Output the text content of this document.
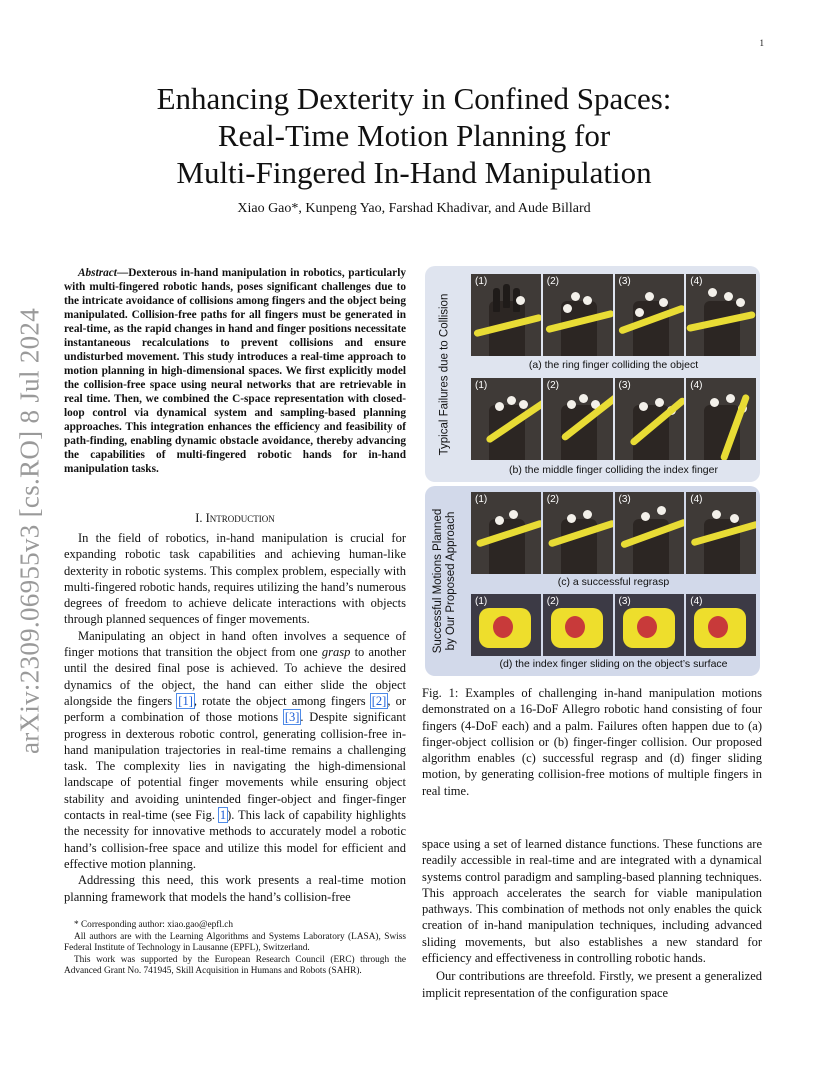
1
arXiv:2309.06955v3 [cs.RO] 8 Jul 2024
Enhancing Dexterity in Confined Spaces:
Real-Time Motion Planning for
Multi-Fingered In-Hand Manipulation
Xiao Gao*, Kunpeng Yao, Farshad Khadivar, and Aude Billard
Abstract—Dexterous in-hand manipulation in robotics, particularly with multi-fingered robotic hands, poses significant challenges due to the intricate avoidance of collisions among fingers and the object being manipulated. Collision-free paths for all fingers must be generated in real-time, as the rapid changes in hand and finger positions necessitate instantaneous recalculations to prevent collisions and ensure undisturbed movement. This study introduces a real-time approach to motion planning in high-dimensional spaces. We first explicitly model the collision-free space using neural networks that are retrievable in real time. Then, we combined the C-space representation with closed-loop control via dynamical system and sampling-based planning approaches. This integration enhances the efficiency and feasibility of path-finding, enabling dynamic obstacle avoidance, thereby advancing the capabilities of multi-fingered robotic hands for in-hand manipulation tasks.
I. Introduction

In the field of robotics, in-hand manipulation is crucial for expanding robotic task capabilities and achieving human-like dexterity in robotic systems. This complex problem, especially with multi-fingered robotic hands, requires utilizing the hand’s numerous degrees of freedom to achieve delicate interactions with objects through planned sequences of finger movements.

Manipulating an object in hand often involves a sequence of finger motions that transition the object from one grasp to another until the desired final pose is achieved. To achieve the desired dynamics of the object, the hand can either slide the object alongside the fingers [1], rotate the object among fingers [2], or perform a combination of those motions [3]. Despite significant progress in dexterous robotic control, generating collision-free in-hand manipulation trajectories in real-time remains a challenging task. The complexity lies in navigating the high-dimensional landscape of potential finger movements while ensuring object stability and avoiding unintended finger-object and finger-finger contacts in real-time (see Fig. 1). This lack of capability highlights the necessity for innovative methods to accurately model a robotic hand’s collision-free space and utilize this model for efficient and effective motion planning.

Addressing this need, this work presents a real-time motion planning framework that models the hand’s collision-free

* Corresponding author: xiao.gao@epfl.ch

All authors are with the Learning Algorithms and Systems Laboratory (LASA), Swiss Federal Institute of Technology in Lausanne (EPFL), Switzerland.

This work was supported by the European Research Council (ERC) through the Advanced Grant No. 741945, Skill Acquisition in Humans and Robots (SAHR).

Typical Failures due to Collision
(1)	(2)	(3)	(4)
(a) the ring finger colliding the object
(1)	(2)	(3)	(4)
(b) the middle finger colliding the index finger
Successful Motions Planned
by Our Proposed Approach
(1)	(2)	(3)	(4)
(c) a successful regrasp
(1)	(2)	(3)	(4)
(d) the index finger sliding on the object’s surface
Fig. 1: Examples of challenging in-hand manipulation motions demonstrated on a 16-DoF Allegro robotic hand consisting of four fingers (4-DoF each) and a palm. Failures often happen due to (a) finger-object collision or (b) finger-finger collision. Our proposed algorithm enables (c) successful regrasp and (d) finger sliding motion, by generating collision-free motions of multiple fingers in real time.

space using a set of learned distance functions. These functions are readily accessible in real-time and are integrated with a dynamical systems control paradigm and sampling-based planning techniques. This approach accelerates the search for viable manipulation pathways. This combination of methods not only enables the quick creation of in-hand manipulation techniques, including advanced sliding movements, but also establishes a new standard for efficiency and effectiveness in controlling robotic hands.

Our contributions are threefold. Firstly, we present a generalized implicit representation of the configuration space
